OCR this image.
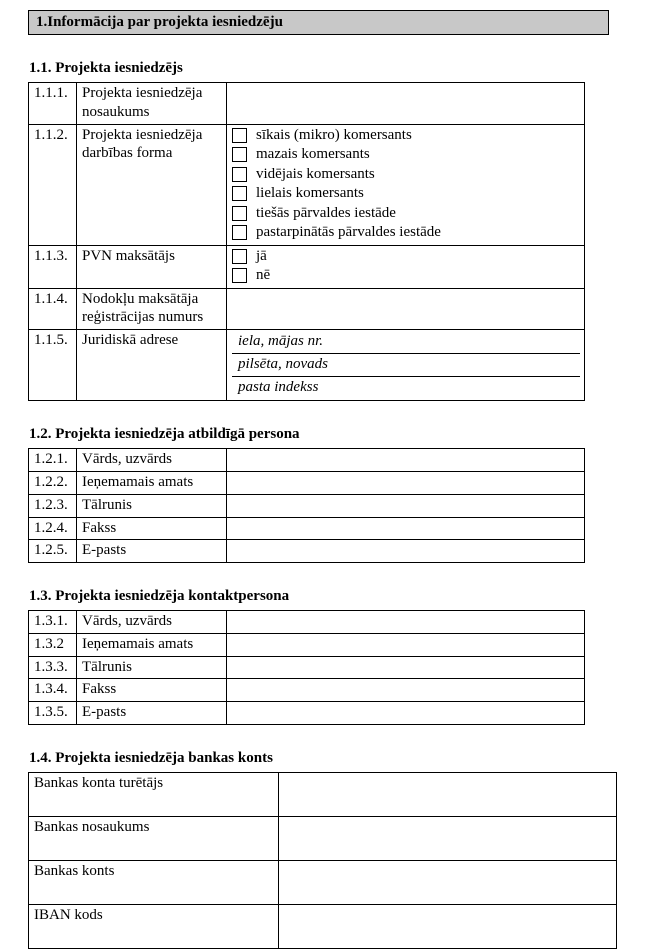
1.Informācija par projekta iesniedzēju
1.1. Projekta iesniedzējs
1.1.1.	Projekta iesniedzēja nosaukums	
1.1.2.	Projekta iesniedzēja darbības forma	
sīkais (mikro) komersants
mazais komersants
vidējais komersants
lielais komersants
tiešās pārvaldes iestāde
pastarpinātās pārvaldes iestāde

1.1.3.	PVN maksātājs	jā
nē

1.1.4.	Nodokļu maksātāja reģistrācijas numurs	
1.1.5.	Juridiskā adrese	iela, mājas nr.
pilsēta, novads
pasta indekss
1.2. Projekta iesniedzēja atbildīgā persona
1.2.1.	Vārds, uzvārds	
1.2.2.	Ieņemamais amats	
1.2.3.	Tālrunis	
1.2.4.	Fakss	
1.2.5.	E-pasts	
1.3. Projekta iesniedzēja kontaktpersona
1.3.1.	Vārds, uzvārds	
1.3.2	Ieņemamais amats	
1.3.3.	Tālrunis	
1.3.4.	Fakss	
1.3.5.	E-pasts	
1.4. Projekta iesniedzēja bankas konts
Bankas konta turētājs	
Bankas nosaukums	
Bankas konts	
IBAN kods	
